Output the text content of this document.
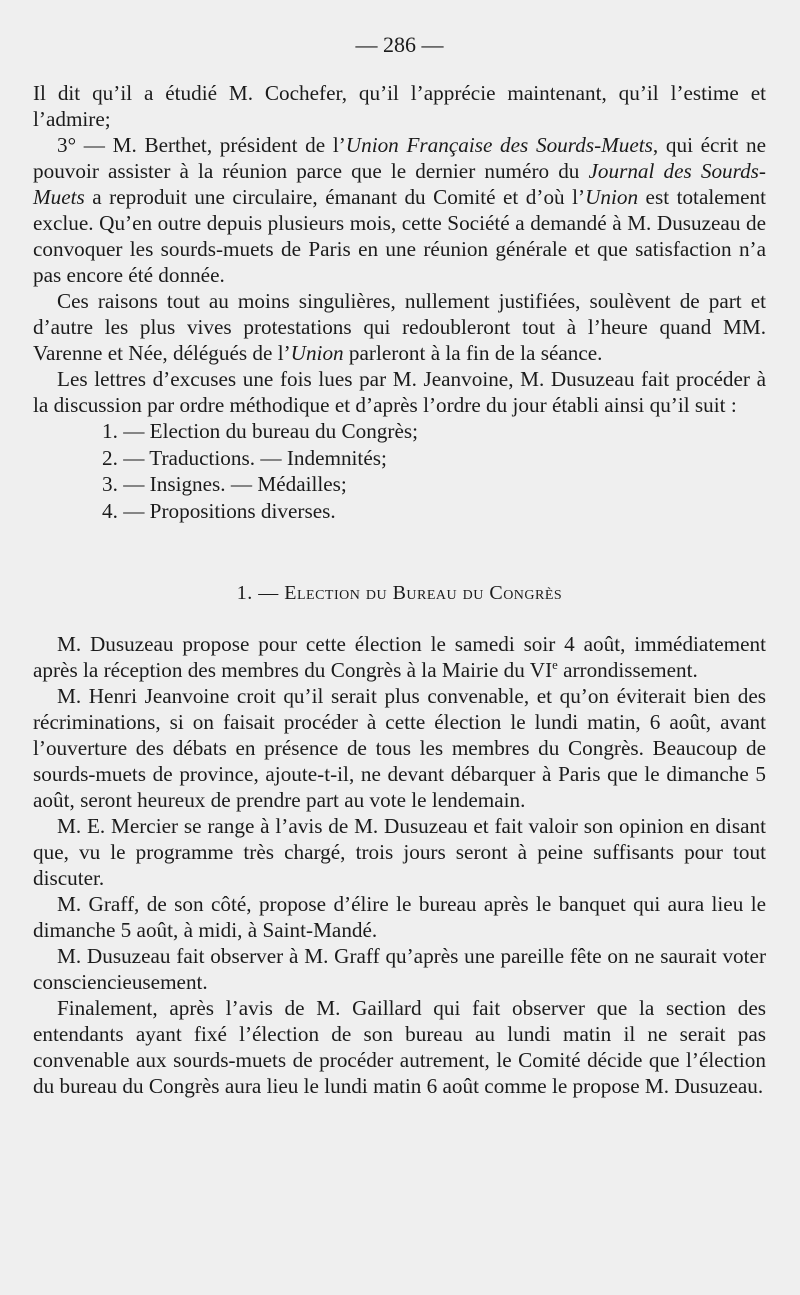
— 286 —

Il dit qu’il a étudié M. Cochefer, qu’il l’apprécie maintenant, qu’il l’estime et l’admire;

3° — M. Berthet, président de l’Union Française des Sourds-Muets, qui écrit ne pouvoir assister à la réunion parce que le dernier numéro du Journal des Sourds-Muets a reproduit une circulaire, émanant du Comité et d’où l’Union est totalement exclue. Qu’en outre depuis plusieurs mois, cette Société a demandé à M. Dusuzeau de convoquer les sourds-muets de Paris en une réunion générale et que satisfaction n’a pas encore été donnée.

Ces raisons tout au moins singulières, nullement justifiées, soulèvent de part et d’autre les plus vives protestations qui redoubleront tout à l’heure quand MM. Varenne et Née, délégués de l’Union parleront à la fin de la séance.

Les lettres d’excuses une fois lues par M. Jeanvoine, M. Dusuzeau fait procéder à la discussion par ordre méthodique et d’après l’ordre du jour établi ainsi qu’il suit :

1. — Election du bureau du Congrès;
2. — Traductions. — Indemnités;
3. — Insignes. — Médailles;
4. — Propositions diverses.
1. — Election du Bureau du Congrès

M. Dusuzeau propose pour cette élection le samedi soir 4 août, immédiatement après la réception des membres du Congrès à la Mairie du VIe arrondissement.

M. Henri Jeanvoine croit qu’il serait plus convenable, et qu’on éviterait bien des récriminations, si on faisait procéder à cette élection le lundi matin, 6 août, avant l’ouverture des débats en présence de tous les membres du Congrès. Beaucoup de sourds-muets de province, ajoute-t-il, ne devant débarquer à Paris que le dimanche 5 août, seront heureux de prendre part au vote le lendemain.

M. E. Mercier se range à l’avis de M. Dusuzeau et fait valoir son opinion en disant que, vu le programme très chargé, trois jours seront à peine suffisants pour tout discuter.

M. Graff, de son côté, propose d’élire le bureau après le banquet qui aura lieu le dimanche 5 août, à midi, à Saint-Mandé.

M. Dusuzeau fait observer à M. Graff qu’après une pareille fête on ne saurait voter consciencieusement.

Finalement, après l’avis de M. Gaillard qui fait observer que la section des entendants ayant fixé l’élection de son bureau au lundi matin il ne serait pas convenable aux sourds-muets de procéder autrement, le Comité décide que l’élection du bureau du Congrès aura lieu le lundi matin 6 août comme le propose M. Dusuzeau.
